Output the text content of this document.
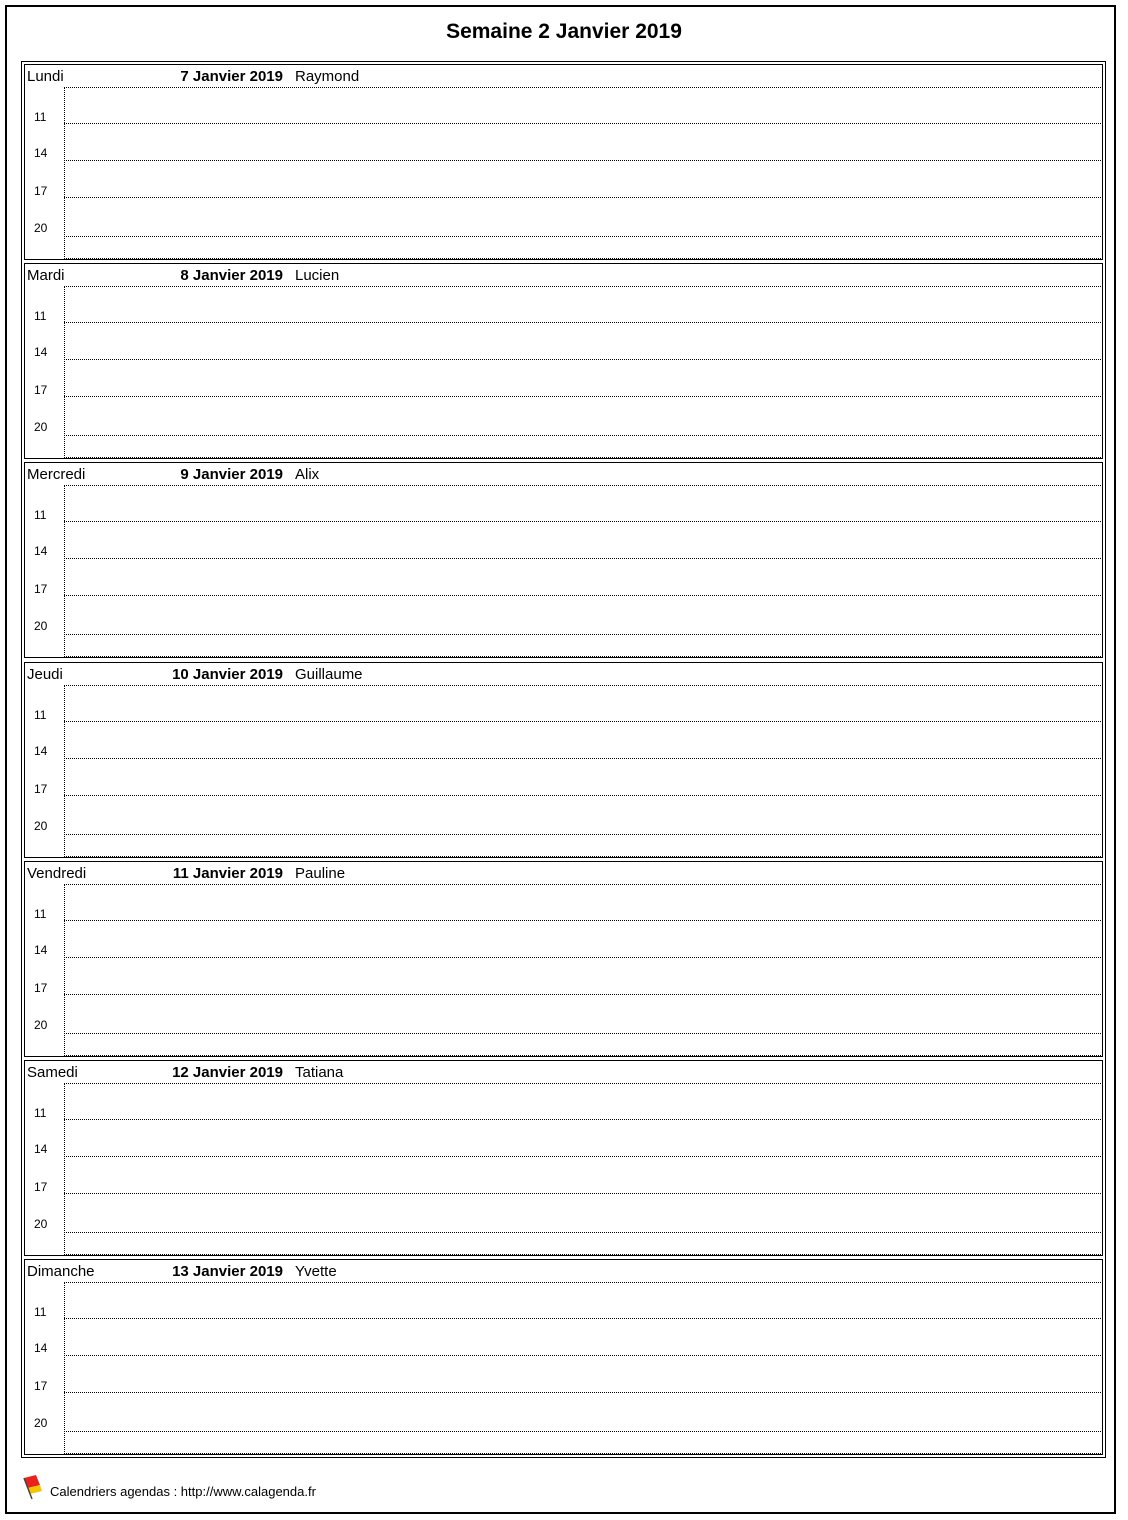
Semaine 2 Janvier 2019
Lundi	7 Janvier 2019 Raymond
11
14
17
20
Mardi	8 Janvier 2019 Lucien
11
14
17
20
Mercredi	9 Janvier 2019 Alix
11
14
17
20
Jeudi	10 Janvier 2019 Guillaume
11
14
17
20
Vendredi	11 Janvier 2019 Pauline
11
14
17
20
Samedi	12 Janvier 2019 Tatiana
11
14
17
20
Dimanche	13 Janvier 2019 Yvette
11
14
17
20
Calendriers agendas : http://www.calagenda.fr
